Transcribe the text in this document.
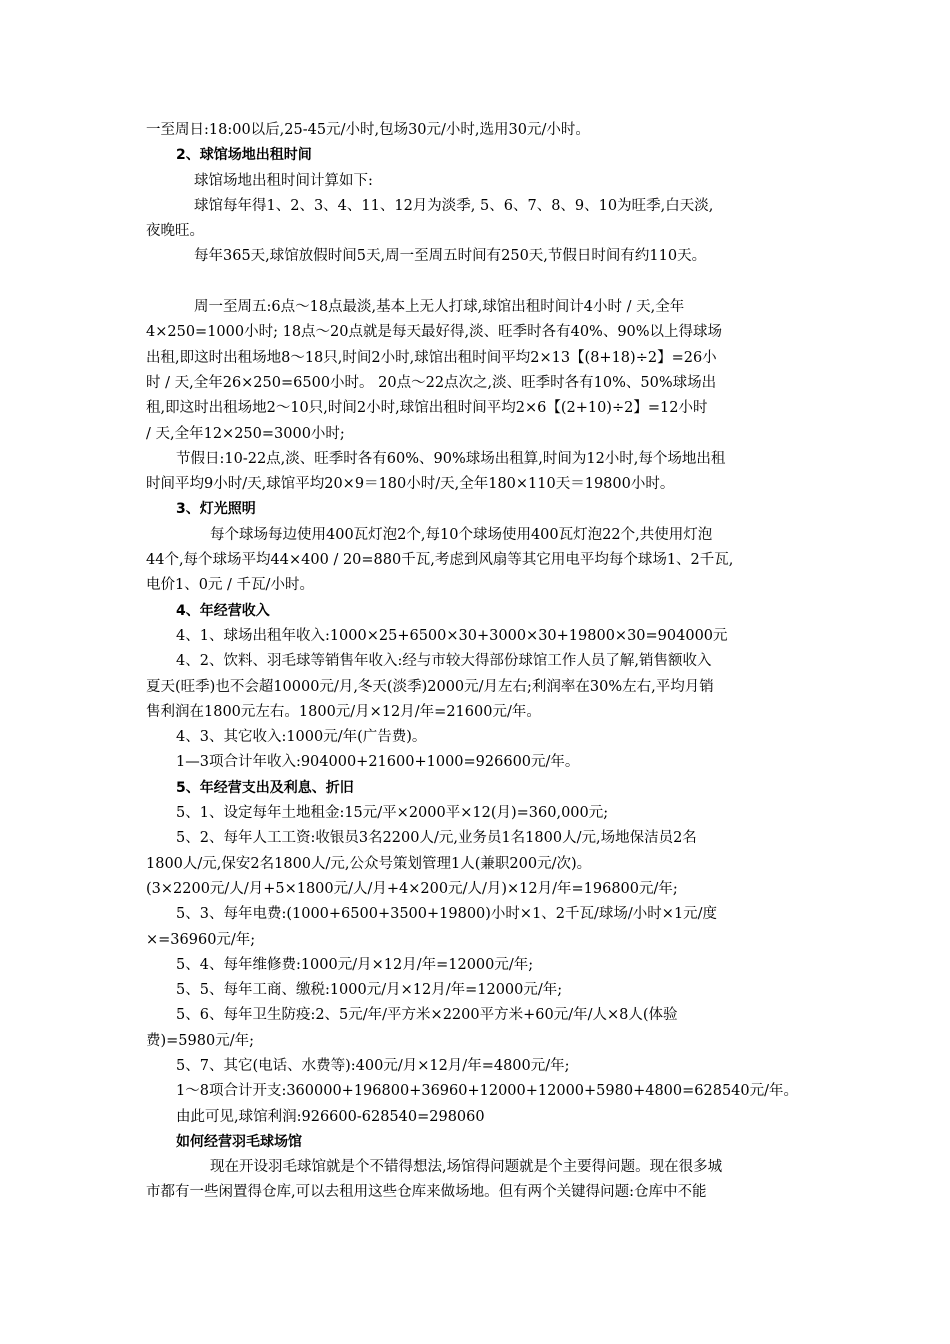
一至周日:18:00以后,25-45元/小时,包场30元/小时,选用30元/小时。
2、球馆场地出租时间
球馆场地出租时间计算如下:
球馆每年得1、2、3、4、11、12月为淡季, 5、6、7、8、9、10为旺季,白天淡,
夜晚旺。
每年365天,球馆放假时间5天,周一至周五时间有250天,节假日时间有约110天。
周一至周五:6点～18点最淡,基本上无人打球,球馆出租时间计4小时 / 天,全年
4×250=1000小时; 18点～20点就是每天最好得,淡、旺季时各有40%、90%以上得球场
出租,即这时出租场地8～18只,时间2小时,球馆出租时间平均2×13【(8+18)÷2】=26小
时 / 天,全年26×250=6500小时。 20点～22点次之,淡、旺季时各有10%、50%球场出
租,即这时出租场地2～10只,时间2小时,球馆出租时间平均2×6【(2+10)÷2】=12小时
/ 天,全年12×250=3000小时;
节假日:10-22点,淡、旺季时各有60%、90%球场出租算,时间为12小时,每个场地出租
时间平均9小时/天,球馆平均20×9＝180小时/天,全年180×110天＝19800小时。
3、灯光照明
每个球场每边使用400瓦灯泡2个,每10个球场使用400瓦灯泡22个,共使用灯泡
44个,每个球场平均44×400 / 20=880千瓦,考虑到风扇等其它用电平均每个球场1、2千瓦,
电价1、0元 / 千瓦/小时。
4、年经营收入
4、1、球场出租年收入:1000×25+6500×30+3000×30+19800×30=904000元
4、2、饮料、羽毛球等销售年收入:经与市较大得部份球馆工作人员了解,销售额收入
夏天(旺季)也不会超10000元/月,冬天(淡季)2000元/月左右;利润率在30%左右,平均月销
售利润在1800元左右。1800元/月×12月/年=21600元/年。
4、3、其它收入:1000元/年(广告费)。
1—3项合计年收入:904000+21600+1000=926600元/年。
5、年经营支出及利息、折旧
5、1、设定每年土地租金:15元/平×2000平×12(月)=360,000元;
5、2、每年人工工资:收银员3名2200人/元,业务员1名1800人/元,场地保洁员2名
1800人/元,保安2名1800人/元,公众号策划管理1人(兼职200元/次)。
(3×2200元/人/月+5×1800元/人/月+4×200元/人/月)×12月/年=196800元/年;
5、3、每年电费:(1000+6500+3500+19800)小时×1、2千瓦/球场/小时×1元/度
×=36960元/年;
5、4、每年维修费:1000元/月×12月/年=12000元/年;
5、5、每年工商、缴税:1000元/月×12月/年=12000元/年;
5、6、每年卫生防疫:2、5元/年/平方米×2200平方米+60元/年/人×8人(体验
费)=5980元/年;
5、7、其它(电话、水费等):400元/月×12月/年=4800元/年;
1～8项合计开支:360000+196800+36960+12000+12000+5980+4800=628540元/年。
由此可见,球馆利润:926600-628540=298060
如何经营羽毛球场馆
现在开设羽毛球馆就是个不错得想法,场馆得问题就是个主要得问题。现在很多城
市都有一些闲置得仓库,可以去租用这些仓库来做场地。但有两个关键得问题:仓库中不能
